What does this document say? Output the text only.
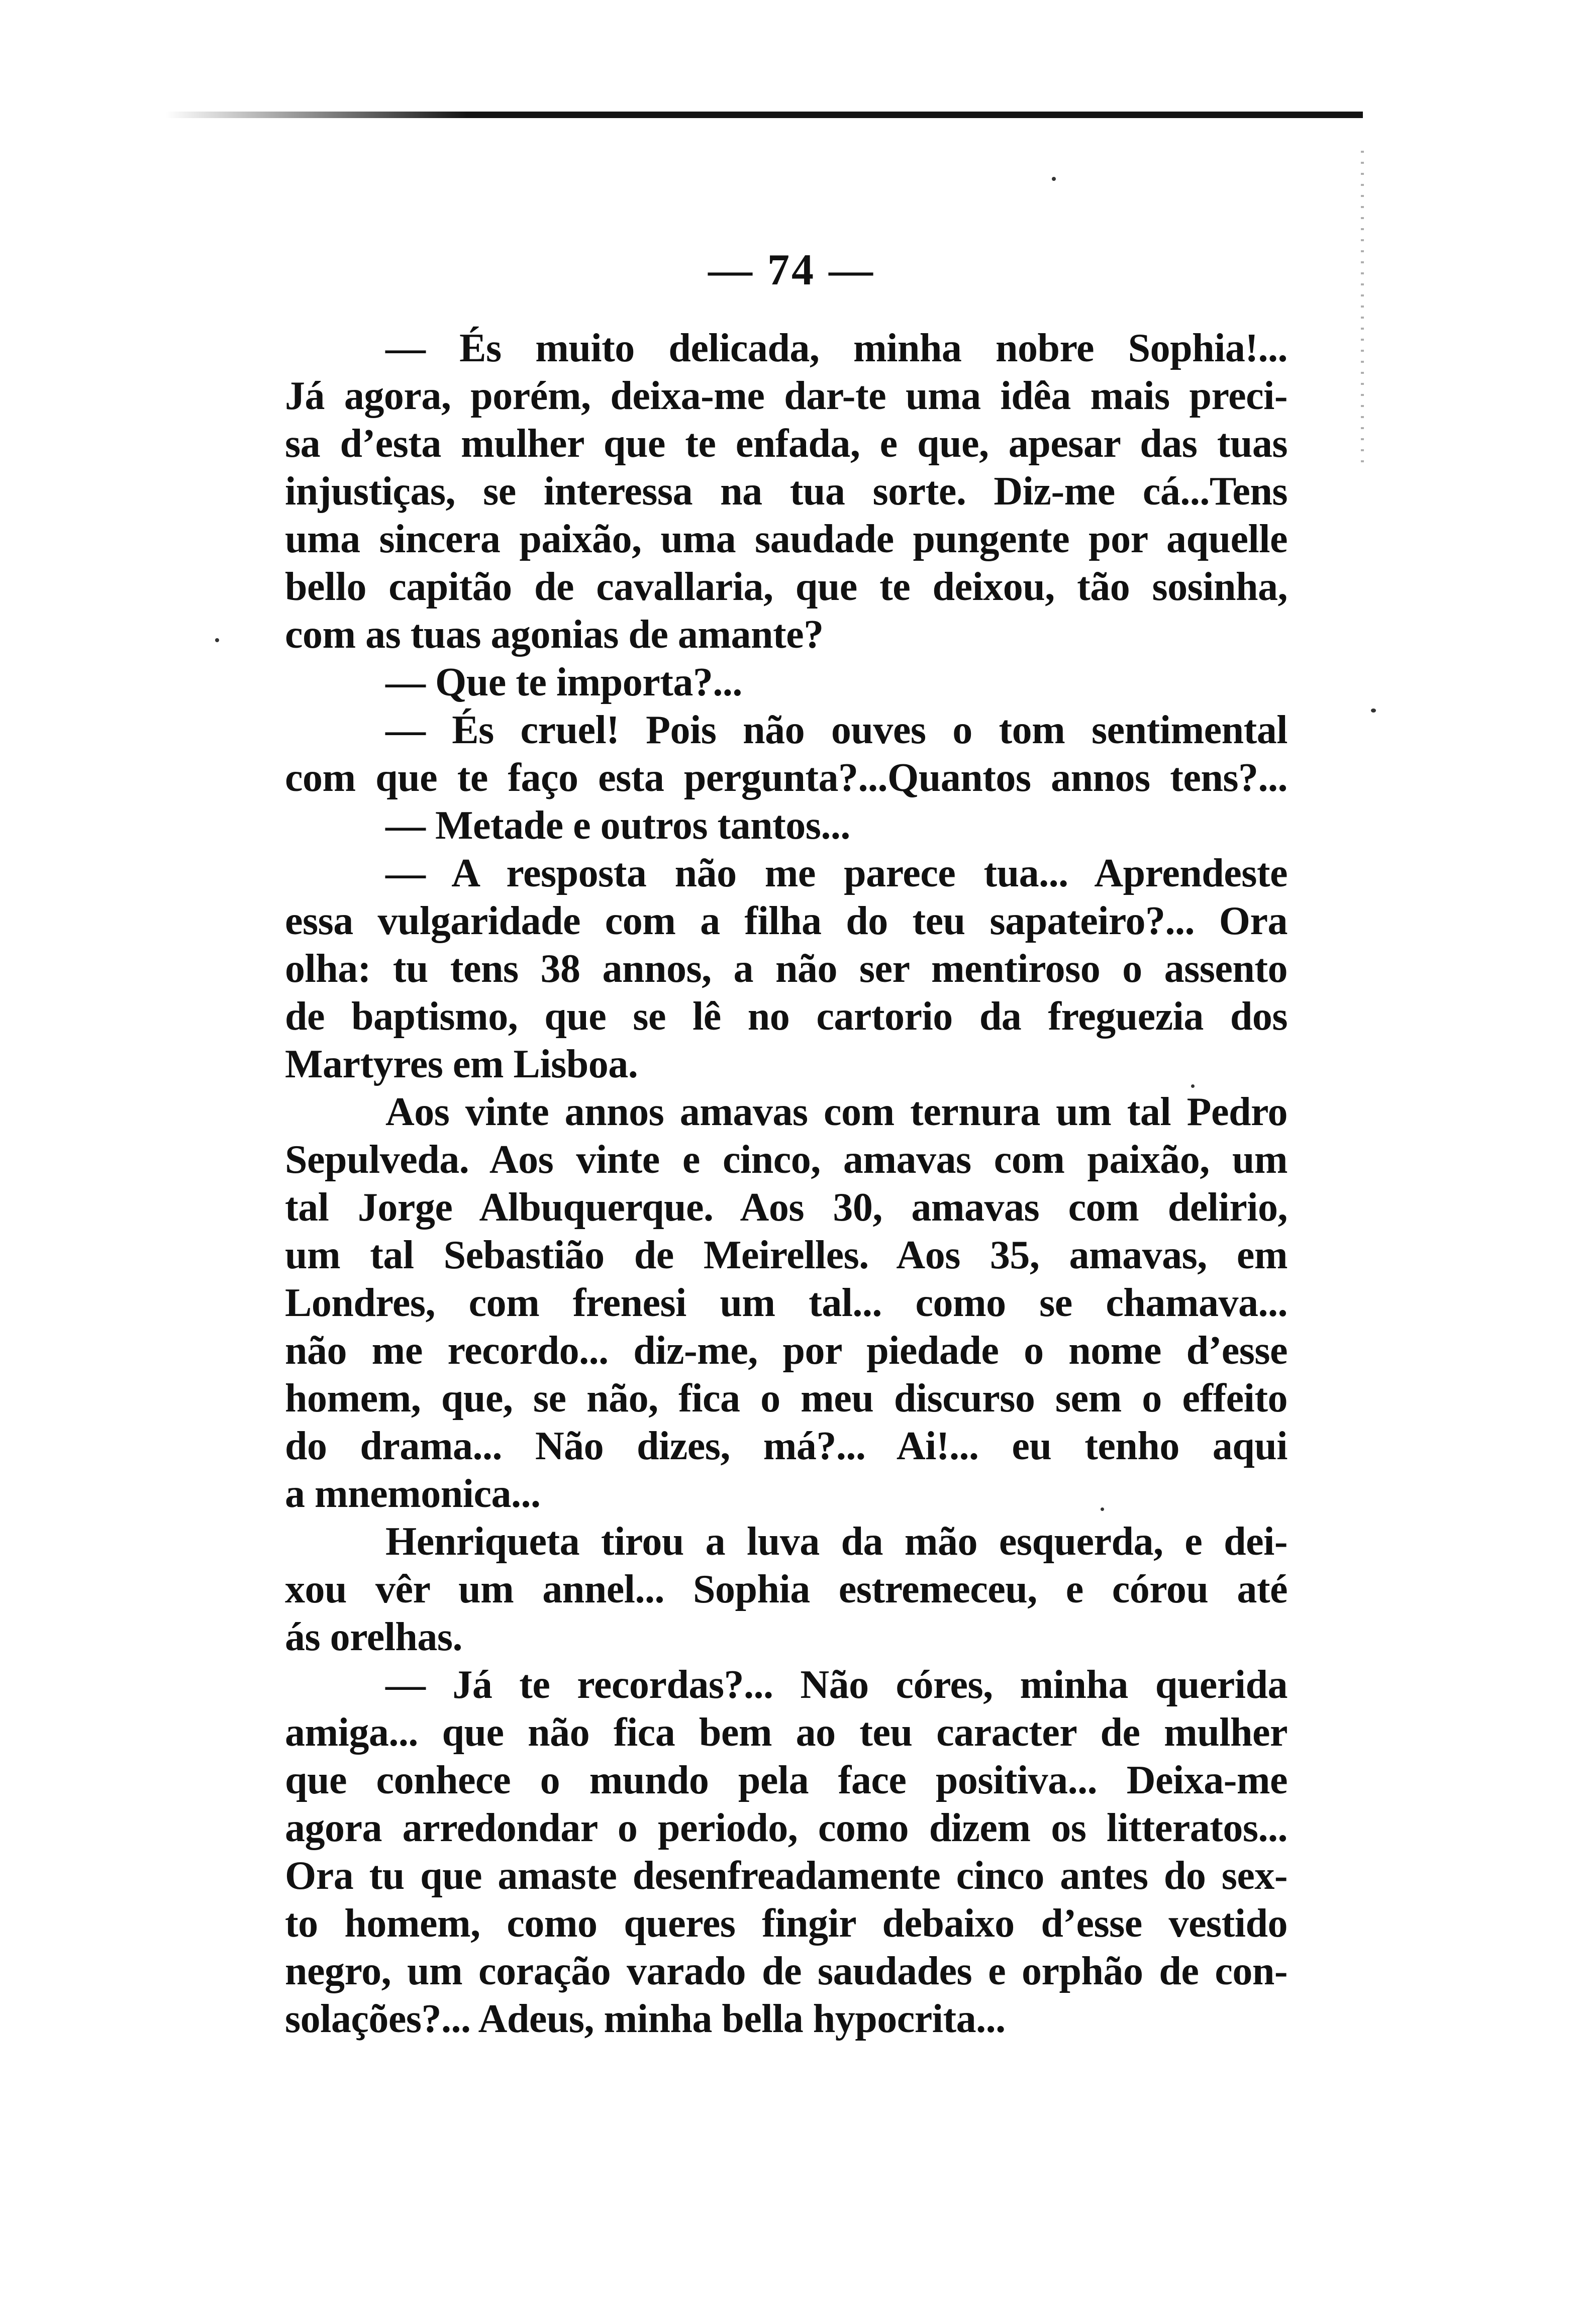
— 74 —
— És muito delicada, minha nobre Sophia!...
Já agora, porém, deixa-me dar-te uma idêa mais preci-
sa d’esta mulher que te enfada, e que, apesar das tuas
injustiças, se interessa na tua sorte. Diz-me cá...Tens
uma sincera paixão, uma saudade pungente por aquelle
bello capitão de cavallaria, que te deixou, tão sosinha,
com as tuas agonias de amante?
— Que te importa?...
— És cruel! Pois não ouves o tom sentimental
com que te faço esta pergunta?...Quantos annos tens?...
— Metade e outros tantos...
— A resposta não me parece tua... Aprendeste
essa vulgaridade com a filha do teu sapateiro?... Ora
olha: tu tens 38 annos, a não ser mentiroso o assento
de baptismo, que se lê no cartorio da freguezia dos
Martyres em Lisboa.
Aos vinte annos amavas com ternura um tal Pedro
Sepulveda. Aos vinte e cinco, amavas com paixão, um
tal Jorge Albuquerque. Aos 30, amavas com delirio,
um tal Sebastião de Meirelles. Aos 35, amavas, em
Londres, com frenesi um tal... como se chamava...
não me recordo... diz-me, por piedade o nome d’esse
homem, que, se não, fica o meu discurso sem o effeito
do drama... Não dizes, má?... Ai!... eu tenho aqui
a mnemonica...
Henriqueta tirou a luva da mão esquerda, e dei-
xou vêr um annel... Sophia estremeceu, e córou até
ás orelhas.
— Já te recordas?... Não córes, minha querida
amiga... que não fica bem ao teu caracter de mulher
que conhece o mundo pela face positiva... Deixa-me
agora arredondar o periodo, como dizem os litteratos...
Ora tu que amaste desenfreadamente cinco antes do sex-
to homem, como queres fingir debaixo d’esse vestido
negro, um coração varado de saudades e orphão de con-
solações?... Adeus, minha bella hypocrita...
